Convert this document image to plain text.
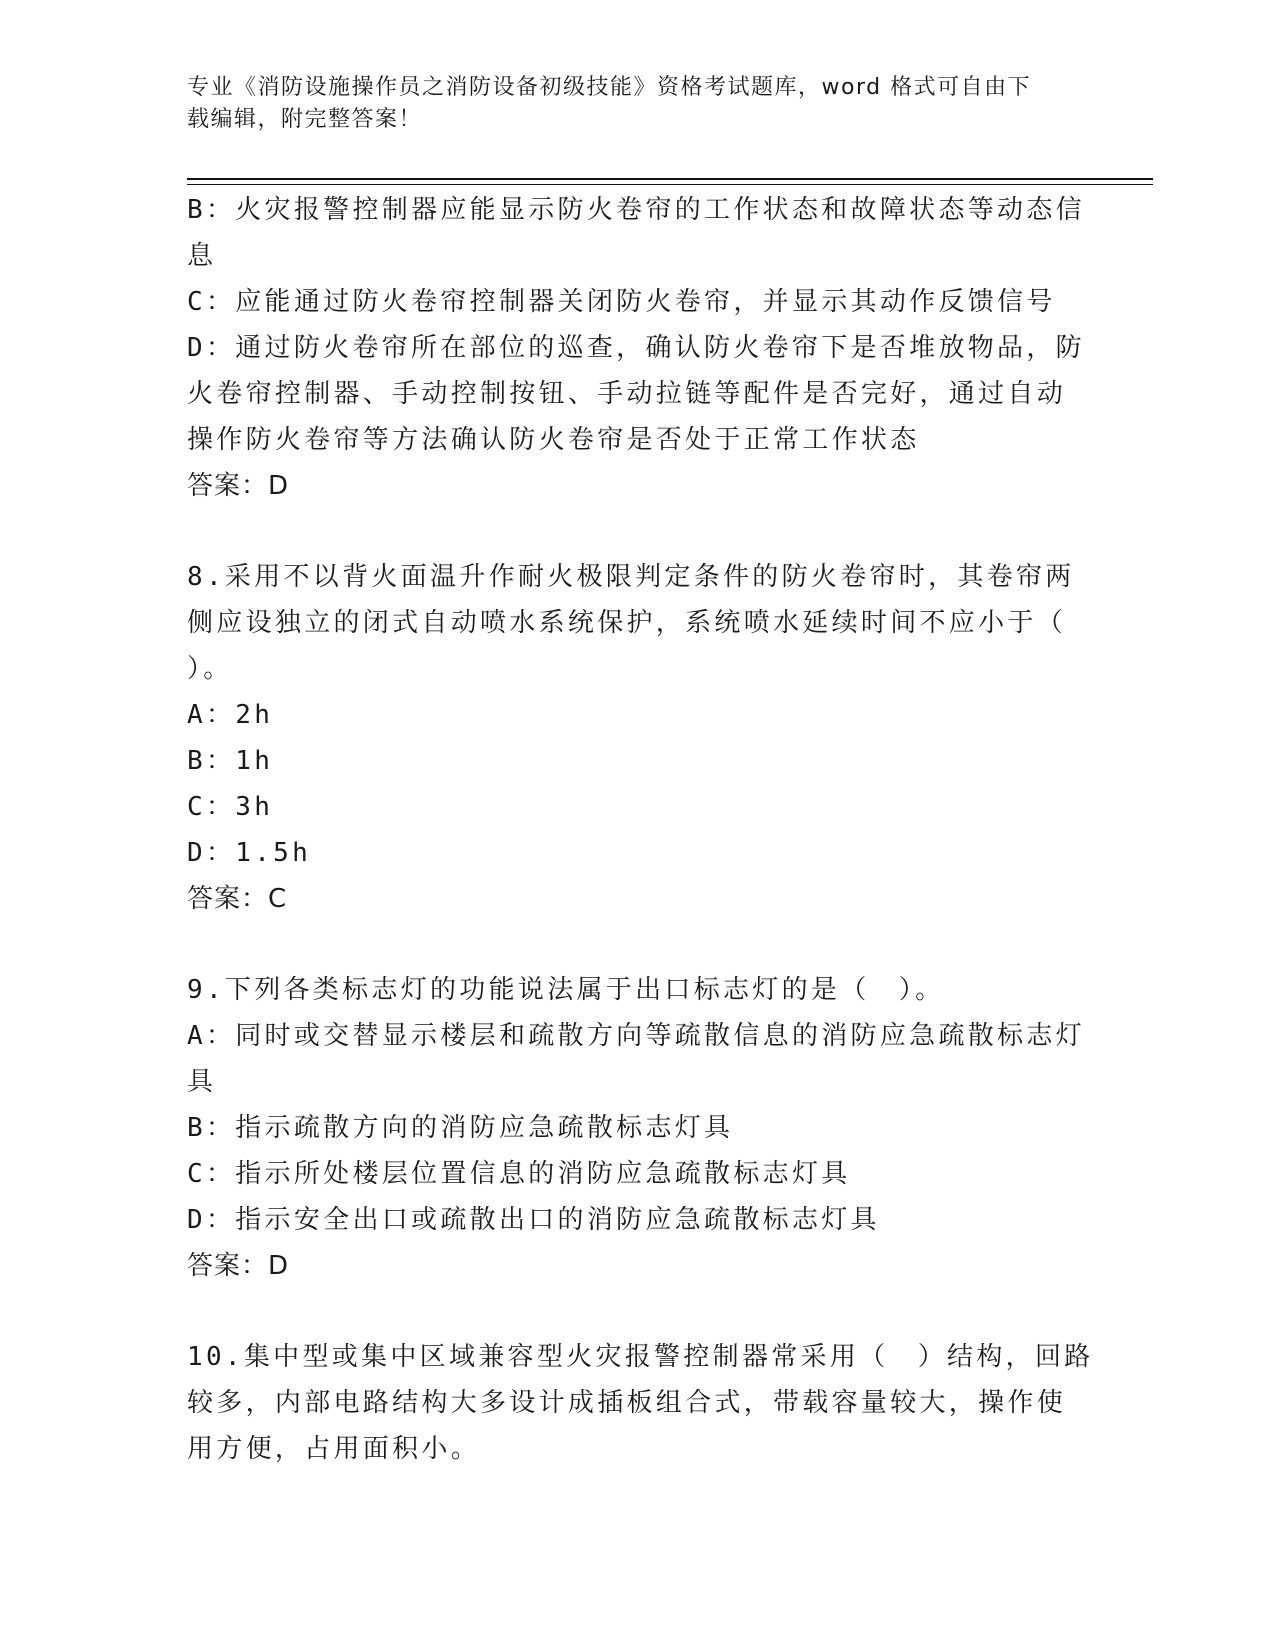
专业《消防设施操作员之消防设备初级技能》资格考试题库，word 格式可自由下
载编辑，附完整答案！
B：火灾报警控制器应能显示防火卷帘的工作状态和故障状态等动态信
息
C：应能通过防火卷帘控制器关闭防火卷帘，并显示其动作反馈信号
D：通过防火卷帘所在部位的巡查，确认防火卷帘下是否堆放物品，防
火卷帘控制器、手动控制按钮、手动拉链等配件是否完好，通过自动
操作防火卷帘等方法确认防火卷帘是否处于正常工作状态
答案：D
8.采用不以背火面温升作耐火极限判定条件的防火卷帘时，其卷帘两
侧应设独立的闭式自动喷水系统保护，系统喷水延续时间不应小于（
）。
A：2h
B：1h
C：3h
D：1.5h
答案：C
9.下列各类标志灯的功能说法属于出口标志灯的是（　）。
A：同时或交替显示楼层和疏散方向等疏散信息的消防应急疏散标志灯
具
B：指示疏散方向的消防应急疏散标志灯具
C：指示所处楼层位置信息的消防应急疏散标志灯具
D：指示安全出口或疏散出口的消防应急疏散标志灯具
答案：D
10.集中型或集中区域兼容型火灾报警控制器常采用（　）结构，回路
较多，内部电路结构大多设计成插板组合式，带载容量较大，操作使
用方便，占用面积小。
